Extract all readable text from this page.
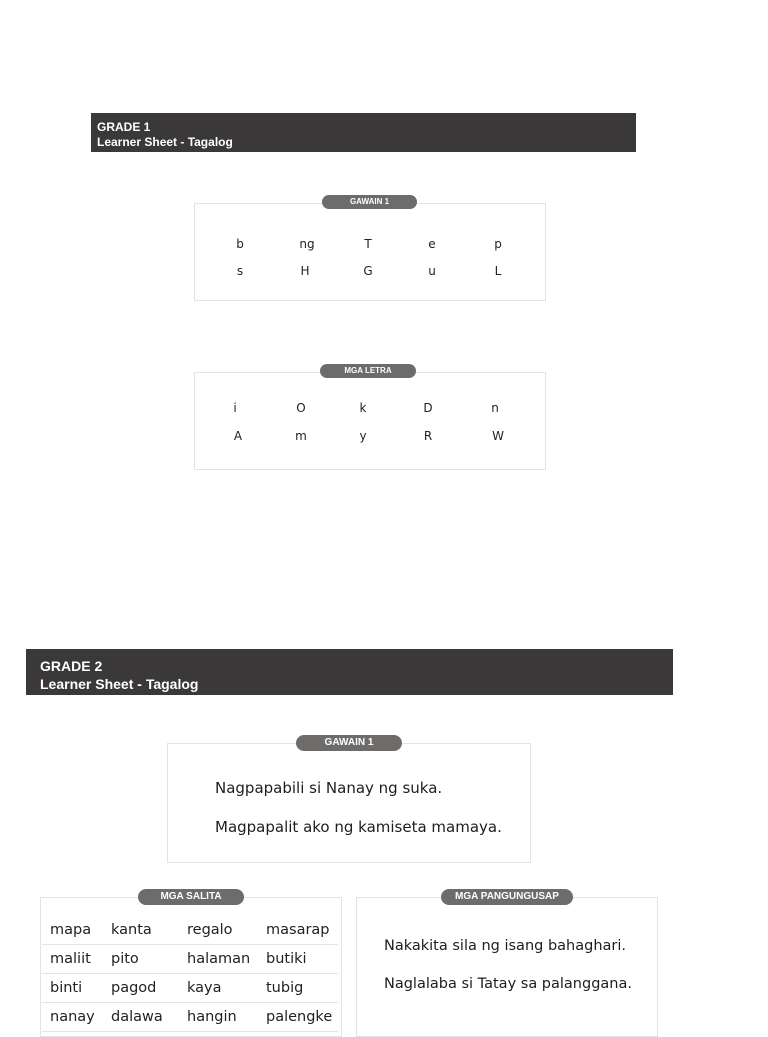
GRADE 1
Learner Sheet - Tagalog
b	ng	T	e	p
s	H	G	u	L
GAWAIN 1
i	O	k	D	n
A	m	y	R	W
MGA LETRA
GRADE 2
Learner Sheet - Tagalog
Nagpapabili si Nanay ng suka.
Magpapalit ako ng kamiseta mamaya.
GAWAIN 1
mapa	kanta	regalo	masarap
maliit	pito	halaman	butiki
binti	pagod	kaya	tubig
nanay	dalawa	hangin	palengke
MGA SALITA
Nakakita sila ng isang bahaghari.
Naglalaba si Tatay sa palanggana.
MGA PANGUNGUSAP
